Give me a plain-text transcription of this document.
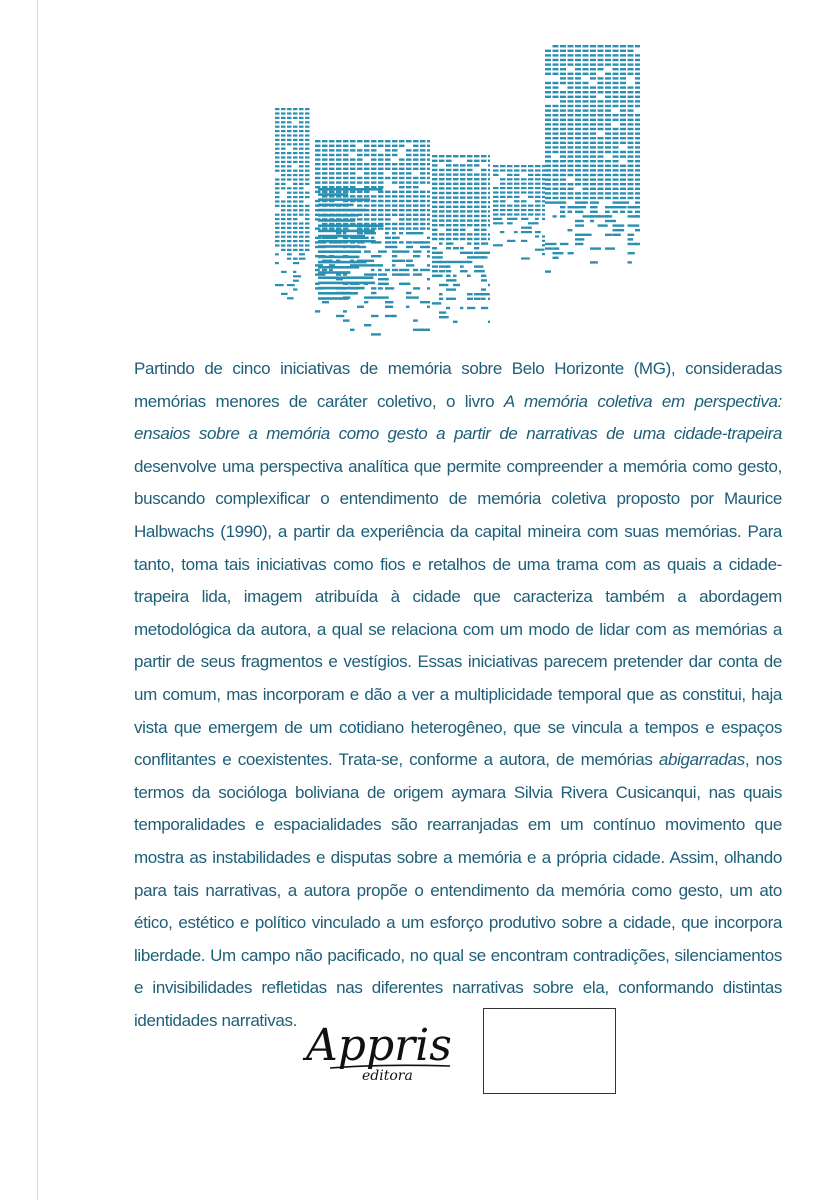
Partindo de cinco iniciativas de memória sobre Belo Horizonte (MG), consideradas memórias menores de caráter coletivo, o livro A memória coletiva em perspectiva: ensaios sobre a memória como gesto a partir de narrativas de uma cidade-trapeira desenvolve uma perspectiva analítica que permite compreender a memória como gesto, buscando complexificar o entendimento de memória coletiva proposto por Maurice Halbwachs (1990), a partir da experiência da capital mineira com suas memórias. Para tanto, toma tais iniciativas como fios e retalhos de uma trama com as quais a cidade-trapeira lida, imagem atribuída à cidade que caracteriza também a abordagem metodológica da autora, a qual se relaciona com um modo de lidar com as memórias a partir de seus fragmentos e vestígios. Essas iniciativas parecem pretender dar conta de um comum, mas incorporam e dão a ver a multiplicidade temporal que as constitui, haja vista que emergem de um cotidiano heterogêneo, que se vincula a tempos e espaços conflitantes e coexistentes. Trata-se, conforme a autora, de memórias abigarradas, nos termos da socióloga boliviana de origem aymara Silvia Rivera Cusicanqui, nas quais temporalidades e espacialidades são rearranjadas em um contínuo movimento que mostra as instabilidades e disputas sobre a memória e a própria cidade. Assim, olhando para tais narrativas, a autora propõe o entendimento da memória como gesto, um ato ético, estético e político vinculado a um esforço produtivo sobre a cidade, que incorpora liberdade. Um campo não pacificado, no qual se encontram contradições, silenciamentos e invisibilidades refletidas nas diferentes narrativas sobre ela, conformando distintas identidades narrativas. Appris
editora
